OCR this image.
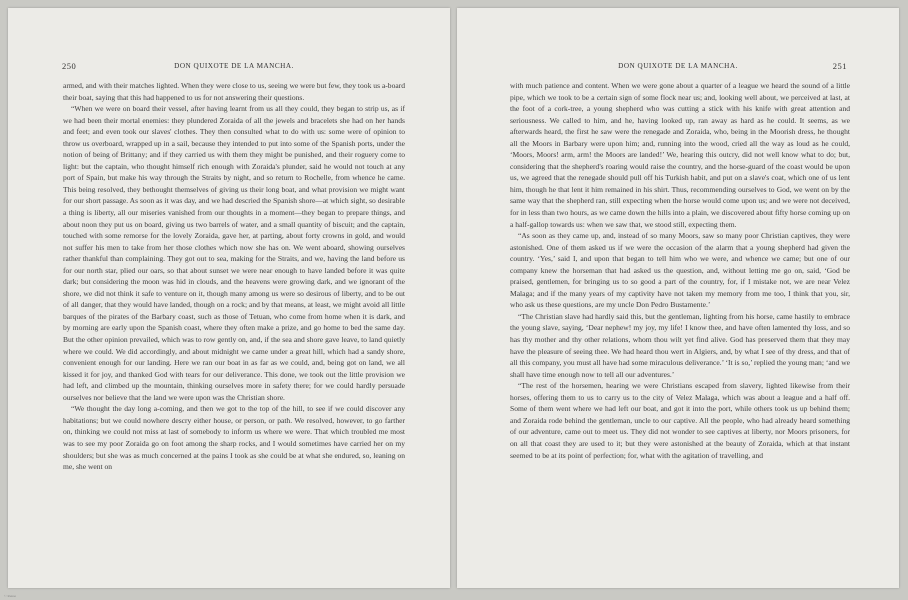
250	DON QUIXOTE DE LA MANCHA.

armed, and with their matches lighted. When they were close to us, seeing we were but few, they took us a-board their boat, saying that this had happened to us for not answering their questions.

“When we were on board their vessel, after having learnt from us all they could, they began to strip us, as if we had been their mortal enemies: they plundered Zoraida of all the jewels and bracelets she had on her hands and feet; and even took our slaves' clothes. They then consulted what to do with us: some were of opinion to throw us overboard, wrapped up in a sail, because they intended to put into some of the Spanish ports, under the notion of being of Brittany; and if they carried us with them they might be punished, and their roguery come to light: but the captain, who thought himself rich enough with Zoraida's plunder, said he would not touch at any port of Spain, but make his way through the Straits by night, and so return to Rochelle, from whence he came. This being resolved, they bethought themselves of giving us their long boat, and what provision we might want for our short passage. As soon as it was day, and we had descried the Spanish shore—at which sight, so desirable a thing is liberty, all our miseries vanished from our thoughts in a moment—they began to prepare things, and about noon they put us on board, giving us two barrels of water, and a small quantity of biscuit; and the captain, touched with some remorse for the lovely Zoraida, gave her, at parting, about forty crowns in gold, and would not suffer his men to take from her those clothes which now she has on. We went aboard, showing ourselves rather thankful than complaining. They got out to sea, making for the Straits, and we, having the land before us for our north star, plied our oars, so that about sunset we were near enough to have landed before it was quite dark; but considering the moon was hid in clouds, and the heavens were growing dark, and we ignorant of the shore, we did not think it safe to venture on it, though many among us were so desirous of liberty, and to be out of all danger, that they would have landed, though on a rock; and by that means, at least, we might avoid all little barques of the pirates of the Barbary coast, such as those of Tetuan, who come from home when it is dark, and by morning are early upon the Spanish coast, where they often make a prize, and go home to bed the same day. But the other opinion prevailed, which was to row gently on, and, if the sea and shore gave leave, to land quietly where we could. We did accordingly, and about midnight we came under a great hill, which had a sandy shore, convenient enough for our landing. Here we ran our boat in as far as we could, and, being got on land, we all kissed it for joy, and thanked God with tears for our deliverance. This done, we took out the little provision we had left, and climbed up the mountain, thinking ourselves more in safety there; for we could hardly persuade ourselves nor believe that the land we were upon was the Christian shore.

“We thought the day long a-coming, and then we got to the top of the hill, to see if we could discover any habitations; but we could nowhere descry either house, or person, or path. We resolved, however, to go farther on, thinking we could not miss at last of somebody to inform us where we were. That which troubled me most was to see my poor Zoraida go on foot among the sharp rocks, and I would sometimes have carried her on my shoulders; but she was as much concerned at the pains I took as she could be at what she endured, so, leaning on me, she went on

DON QUIXOTE DE LA MANCHA.	251

with much patience and content. When we were gone about a quarter of a league we heard the sound of a little pipe, which we took to be a certain sign of some flock near us; and, looking well about, we perceived at last, at the foot of a cork-tree, a young shepherd who was cutting a stick with his knife with great attention and seriousness. We called to him, and he, having looked up, ran away as hard as he could. It seems, as we afterwards heard, the first he saw were the renegade and Zoraida, who, being in the Moorish dress, he thought all the Moors in Barbary were upon him; and, running into the wood, cried all the way as loud as he could, ‘Moors, Moors! arm, arm! the Moors are landed!’ We, hearing this outcry, did not well know what to do; but, considering that the shepherd's roaring would raise the country, and the horse-guard of the coast would be upon us, we agreed that the renegade should pull off his Turkish habit, and put on a slave's coat, which one of us lent him, though he that lent it him remained in his shirt. Thus, recommending ourselves to God, we went on by the same way that the shepherd ran, still expecting when the horse would come upon us; and we were not deceived, for in less than two hours, as we came down the hills into a plain, we discovered about fifty horse coming up on a half-gallop towards us: when we saw that, we stood still, expecting them.

“As soon as they came up, and, instead of so many Moors, saw so many poor Christian captives, they were astonished. One of them asked us if we were the occasion of the alarm that a young shepherd had given the country. ‘Yes,’ said I, and upon that began to tell him who we were, and whence we came; but one of our company knew the horseman that had asked us the question, and, without letting me go on, said, ‘God be praised, gentlemen, for bringing us to so good a part of the country, for, if I mistake not, we are near Velez Malaga; and if the many years of my captivity have not taken my memory from me too, I think that you, sir, who ask us these questions, are my uncle Don Pedro Bustamente.’

“The Christian slave had hardly said this, but the gentleman, lighting from his horse, came hastily to embrace the young slave, saying, ‘Dear nephew! my joy, my life! I know thee, and have often lamented thy loss, and so has thy mother and thy other relations, whom thou wilt yet find alive. God has preserved them that they may have the pleasure of seeing thee. We had heard thou wert in Algiers, and, by what I see of thy dress, and that of all this company, you must all have had some miraculous deliverance.’ ‘It is so,’ replied the young man; ‘and we shall have time enough now to tell all our adventures.’

“The rest of the horsemen, hearing we were Christians escaped from slavery, lighted likewise from their horses, offering them to us to carry us to the city of Velez Malaga, which was about a league and a half off. Some of them went where we had left our boat, and got it into the port, while others took us up behind them; and Zoraida rode behind the gentleman, uncle to our captive. All the people, who had already heard something of our adventure, came out to meet us. They did not wonder to see captives at liberty, nor Moors prisoners, for on all that coast they are used to it; but they were astonished at the beauty of Zoraida, which at that instant seemed to be at its point of perfection; for, what with the agitation of travelling, and

© Reuse
